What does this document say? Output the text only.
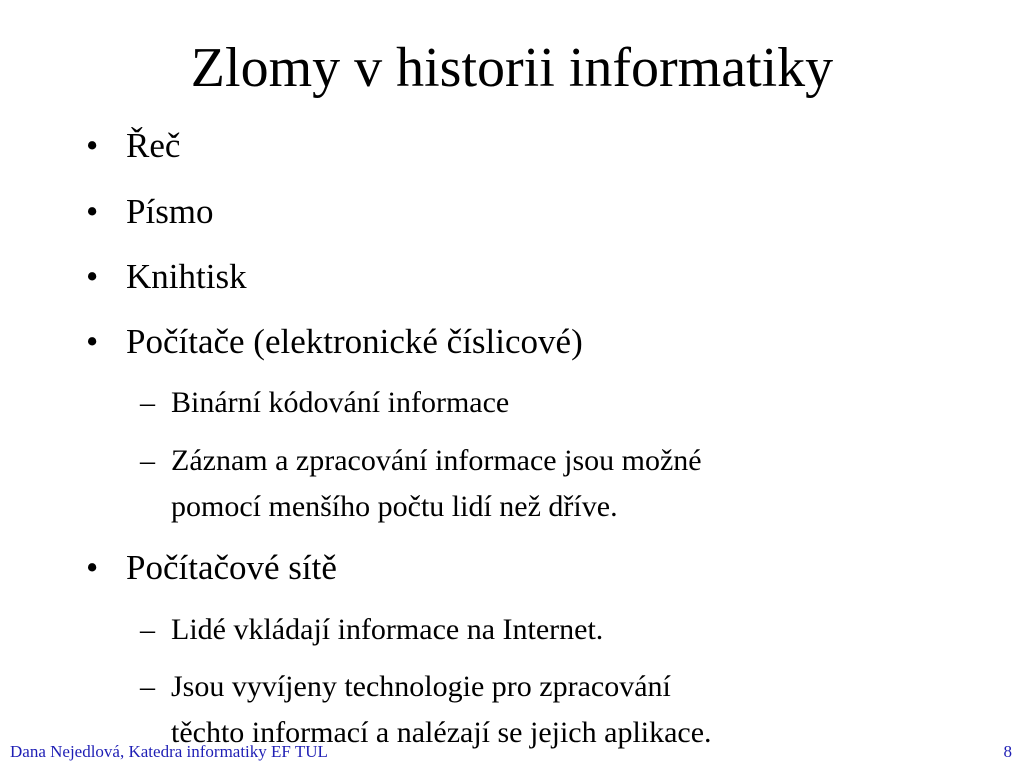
Zlomy v historii informatiky
• Řeč
• Písmo
• Knihtisk
• Počítače (elektronické číslicové)
– Binární kódování informace
– Záznam a zpracování informace jsou možné
pomocí menšího počtu lidí než dříve.
• Počítačové sítě
– Lidé vkládají informace na Internet.
– Jsou vyvíjeny technologie pro zpracování
těchto informací a nalézají se jejich aplikace.
Dana Nejedlová, Katedra informatiky EF TUL	8
